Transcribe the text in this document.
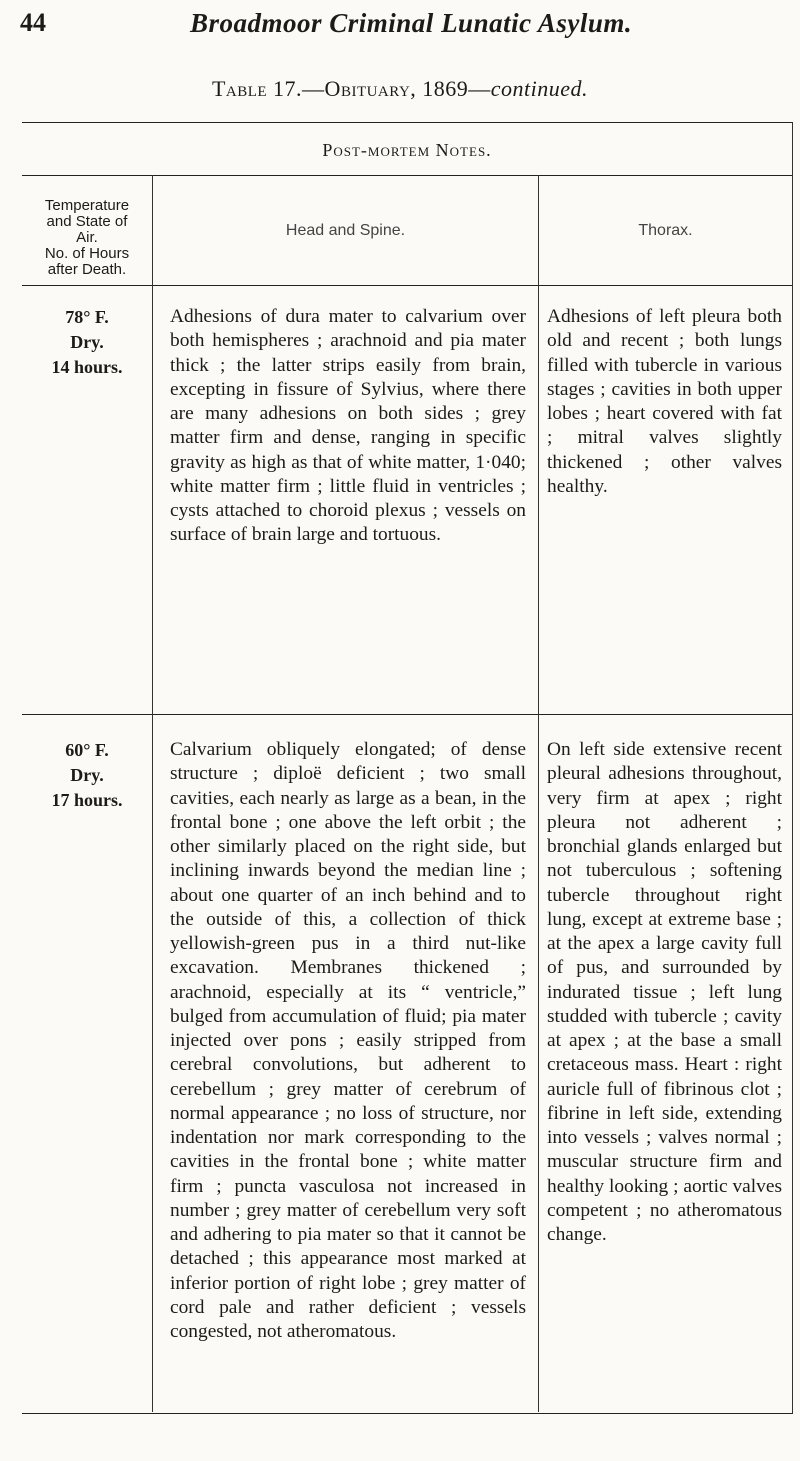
44	Broadmoor Criminal Lunatic Asylum.
Table 17.—Obituary, 1869—continued.
Post-mortem Notes.
Temperature
and State of
Air.
No. of Hours
after Death.
Head and Spine.	Thorax.
78° F.
Dry.
14 hours.
Adhesions of dura mater to calvarium over both hemispheres ; arachnoid and pia mater thick ; the latter strips easily from brain, excepting in fissure of Sylvius, where there are many adhesions on both sides ; grey matter firm and dense, ranging in specific gravity as high as that of white matter, 1·040; white matter firm ; little fluid in ventricles ; cysts attached to choroid plexus ; vessels on surface of brain large and tortuous.
Adhesions of left pleura both old and recent ; both lungs filled with tubercle in various stages ; cavities in both upper lobes ; heart covered with fat ; mitral valves slightly thickened ; other valves healthy.
60° F.
Dry.
17 hours.
Calvarium obliquely elongated; of dense structure ; diploë deficient ; two small cavities, each nearly as large as a bean, in the frontal bone ; one above the left orbit ; the other similarly placed on the right side, but inclining inwards beyond the median line ; about one quarter of an inch behind and to the outside of this, a collection of thick yellowish-green pus in a third nut-like excavation. Membranes thickened ; arachnoid, especially at its “ ventricle,” bulged from accumulation of fluid; pia mater injected over pons ; easily stripped from cerebral convolutions, but adherent to cerebellum ; grey matter of cerebrum of normal appearance ; no loss of structure, nor indentation nor mark corresponding to the cavities in the frontal bone ; white matter firm ; puncta vasculosa not increased in number ; grey matter of cerebellum very soft and adhering to pia mater so that it cannot be detached ; this appearance most marked at inferior portion of right lobe ; grey matter of cord pale and rather deficient ; vessels congested, not atheromatous.
On left side extensive recent pleural adhesions throughout, very firm at apex ; right pleura not adherent ; bronchial glands enlarged but not tuberculous ; softening tubercle throughout right lung, except at extreme base ; at the apex a large cavity full of pus, and surrounded by indurated tissue ; left lung studded with tubercle ; cavity at apex ; at the base a small cretaceous mass. Heart : right auricle full of fibrinous clot ; fibrine in left side, extending into vessels ; valves normal ; muscular structure firm and healthy looking ; aortic valves competent ; no atheromatous change.
